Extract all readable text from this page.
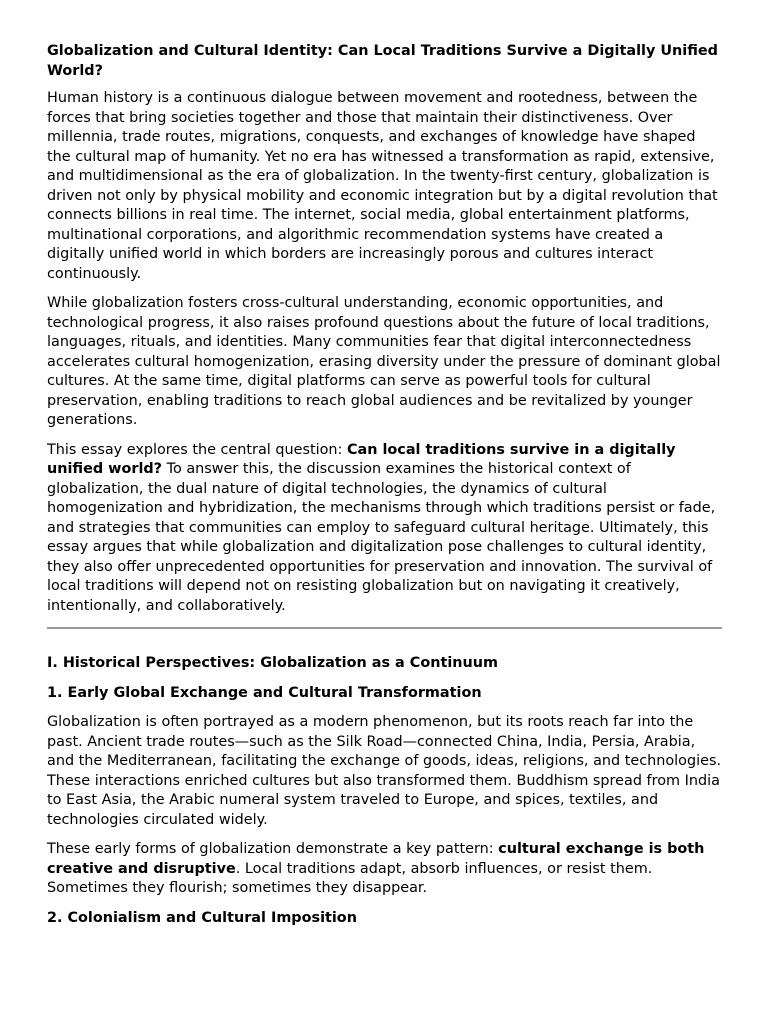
Globalization and Cultural Identity: Can Local Traditions Survive a Digitally Unified World?

Human history is a continuous dialogue between movement and rootedness, between the forces that bring societies together and those that maintain their distinctiveness. Over millennia, trade routes, migrations, conquests, and exchanges of knowledge have shaped the cultural map of humanity. Yet no era has witnessed a transformation as rapid, extensive, and multidimensional as the era of globalization. In the twenty-first century, globalization is driven not only by physical mobility and economic integration but by a digital revolution that connects billions in real time. The internet, social media, global entertainment platforms, multinational corporations, and algorithmic recommendation systems have created a digitally unified world in which borders are increasingly porous and cultures interact continuously.

While globalization fosters cross-cultural understanding, economic opportunities, and technological progress, it also raises profound questions about the future of local traditions, languages, rituals, and identities. Many communities fear that digital interconnectedness accelerates cultural homogenization, erasing diversity under the pressure of dominant global cultures. At the same time, digital platforms can serve as powerful tools for cultural preservation, enabling traditions to reach global audiences and be revitalized by younger generations.

This essay explores the central question: Can local traditions survive in a digitally unified world? To answer this, the discussion examines the historical context of globalization, the dual nature of digital technologies, the dynamics of cultural homogenization and hybridization, the mechanisms through which traditions persist or fade, and strategies that communities can employ to safeguard cultural heritage. Ultimately, this essay argues that while globalization and digitalization pose challenges to cultural identity, they also offer unprecedented opportunities for preservation and innovation. The survival of local traditions will depend not on resisting globalization but on navigating it creatively, intentionally, and collaboratively.

I. Historical Perspectives: Globalization as a Continuum
1. Early Global Exchange and Cultural Transformation

Globalization is often portrayed as a modern phenomenon, but its roots reach far into the past. Ancient trade routes—such as the Silk Road—connected China, India, Persia, Arabia, and the Mediterranean, facilitating the exchange of goods, ideas, religions, and technologies. These interactions enriched cultures but also transformed them. Buddhism spread from India to East Asia, the Arabic numeral system traveled to Europe, and spices, textiles, and technologies circulated widely.

These early forms of globalization demonstrate a key pattern: cultural exchange is both creative and disruptive. Local traditions adapt, absorb influences, or resist them. Sometimes they flourish; sometimes they disappear.

2. Colonialism and Cultural Imposition
